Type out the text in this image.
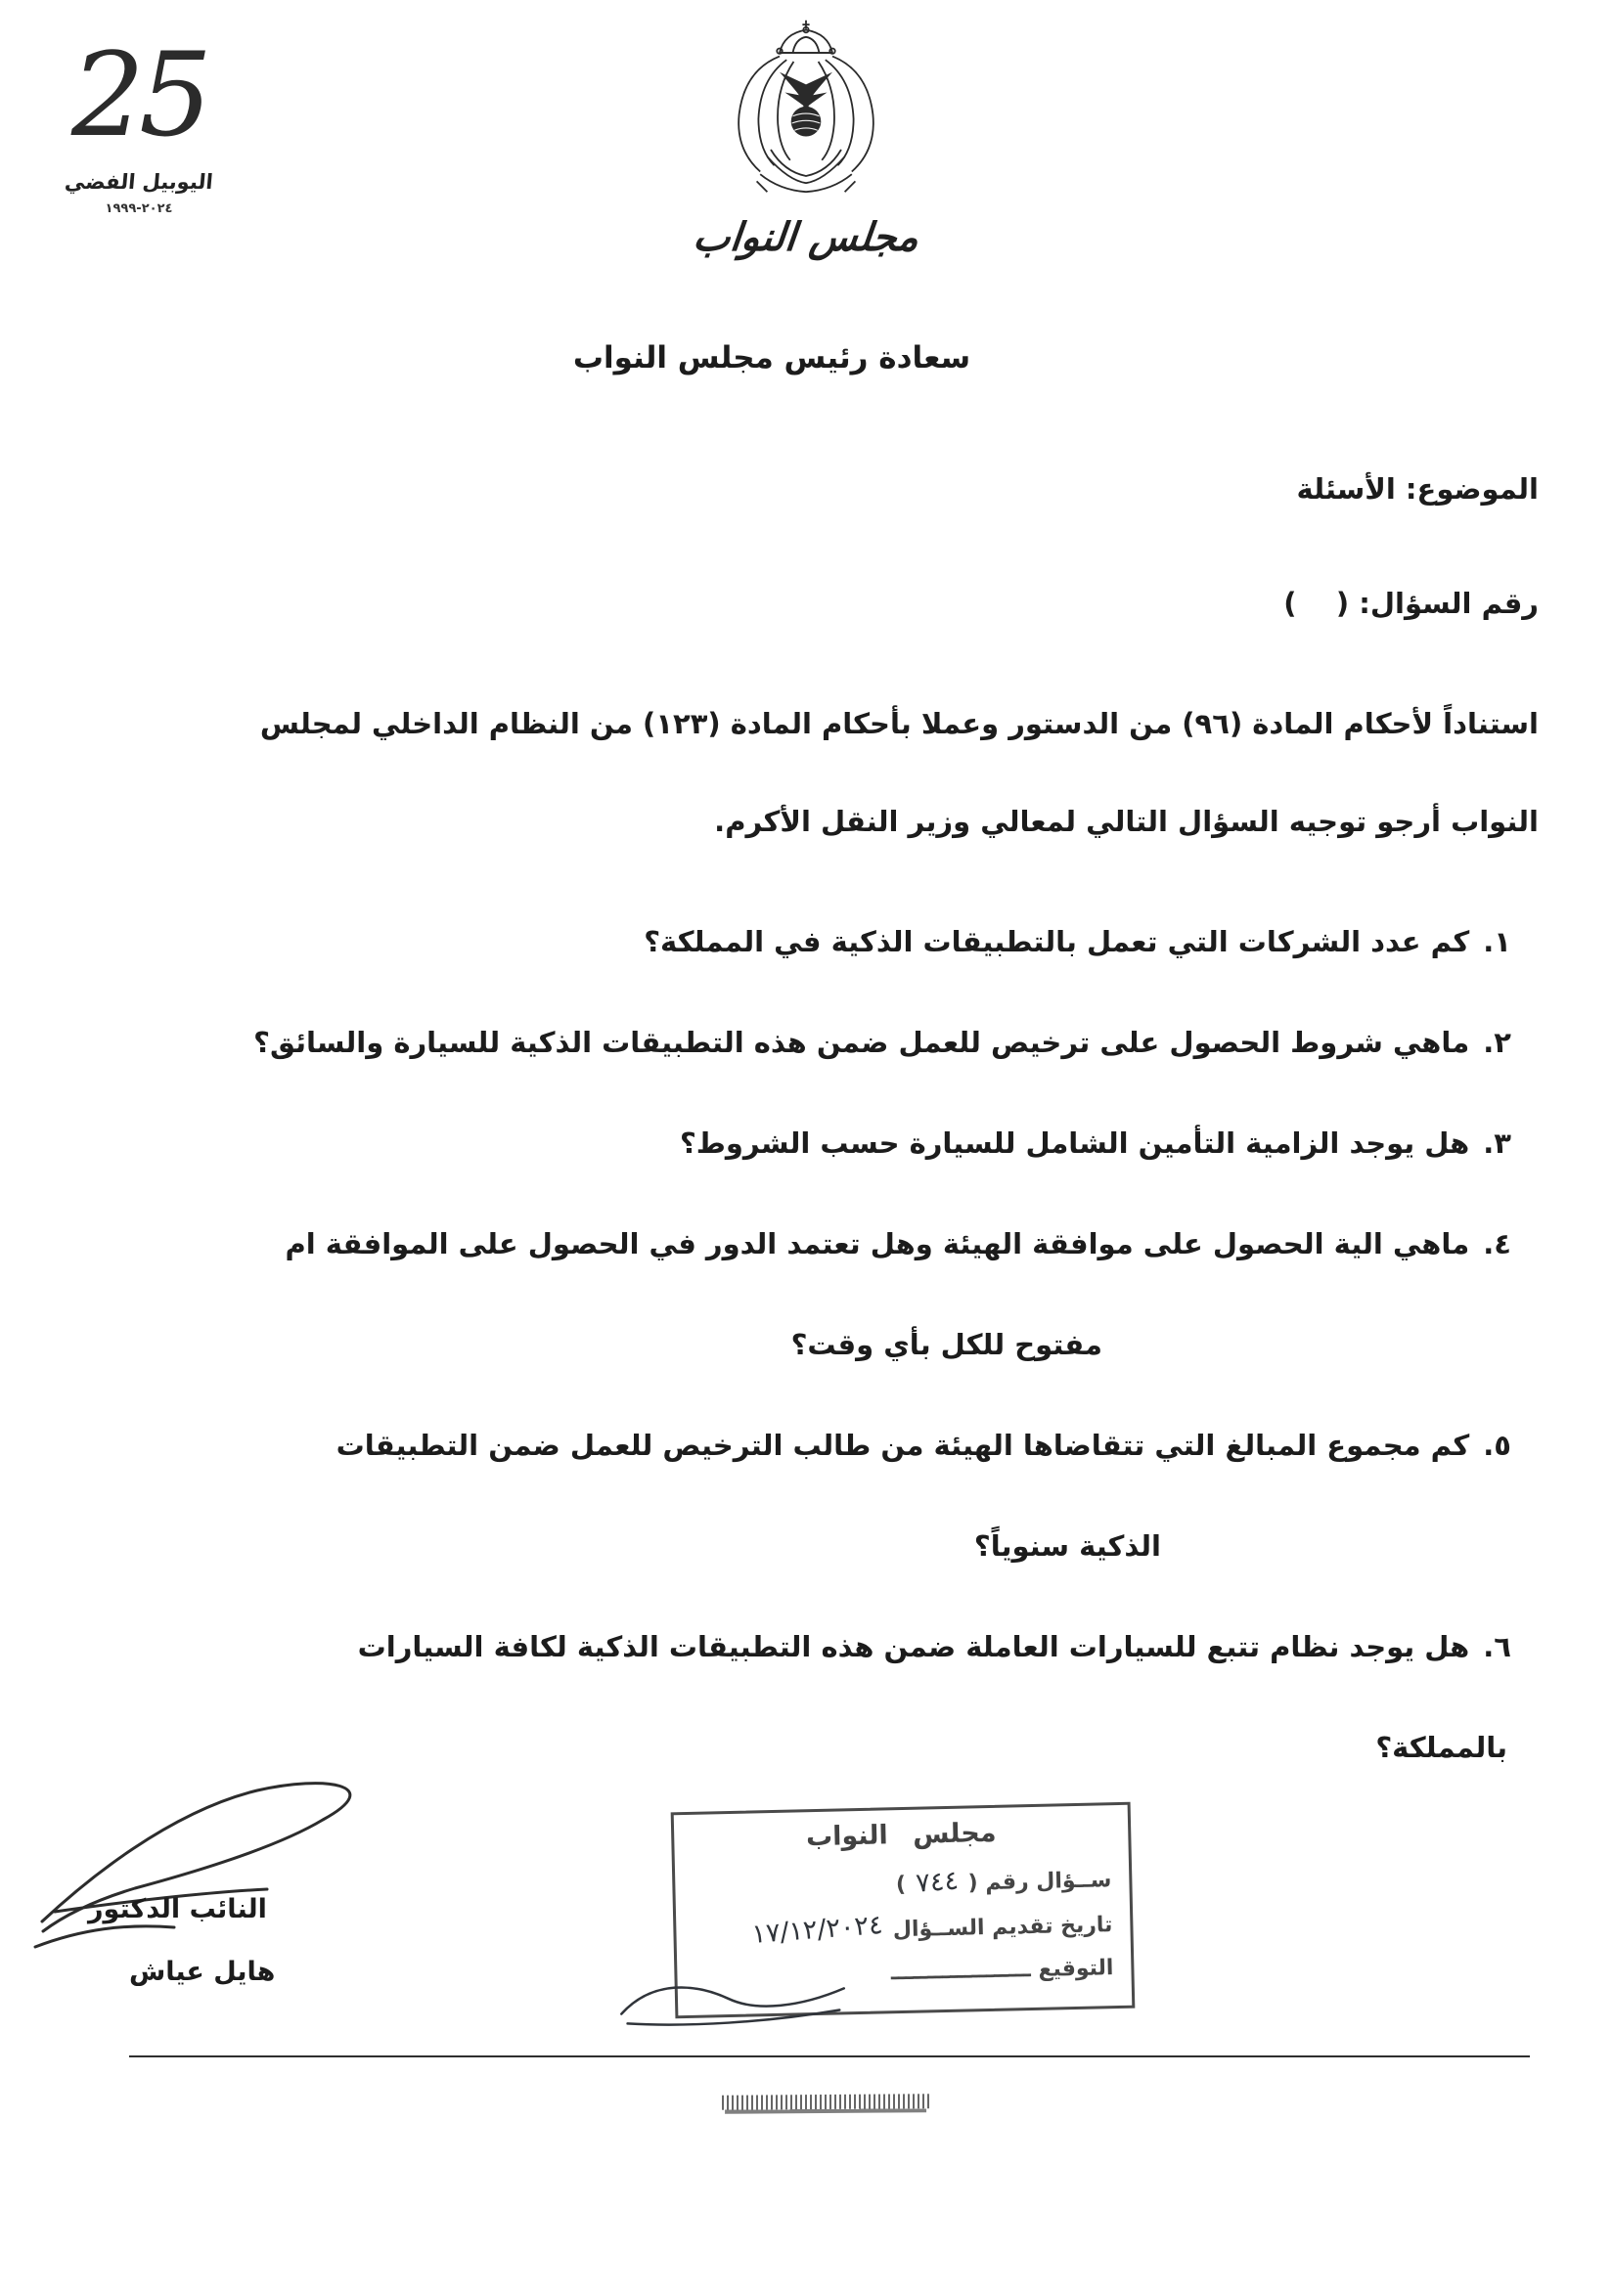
مجلس النواب
25
اليوبيل الفضي
٢٠٢٤-١٩٩٩
سعادة رئيس مجلس النواب
الموضوع: الأسئلة
رقم السؤال: (    )
استناداً لأحكام المادة (٩٦) من الدستور وعملا بأحكام المادة (١٢٣) من النظام الداخلي لمجلس
النواب أرجو توجيه السؤال التالي لمعالي وزير النقل الأكرم.
١.كم عدد الشركات التي تعمل بالتطبيقات الذكية في المملكة؟
٢.ماهي شروط الحصول على ترخيص للعمل ضمن هذه التطبيقات الذكية للسيارة والسائق؟
٣.هل يوجد الزامية التأمين الشامل للسيارة حسب الشروط؟
٤.ماهي الية الحصول على موافقة الهيئة وهل تعتمد الدور في الحصول على الموافقة ام
مفتوح للكل بأي وقت؟
٥.كم مجموع المبالغ التي تتقاضاها الهيئة من طالب الترخيص للعمل ضمن التطبيقات
الذكية سنوياً؟
٦.هل يوجد نظام تتبع للسيارات العاملة ضمن هذه التطبيقات الذكية لكافة السيارات
بالمملكة؟
النائب الدكتور
هايل عياش
مجلس النواب
ســؤال رقم (٧٤٤)
تاريخ تقديم الســؤال١٧/١٢/٢٠٢٤
التوقيع ـــــــــــــــــــ
